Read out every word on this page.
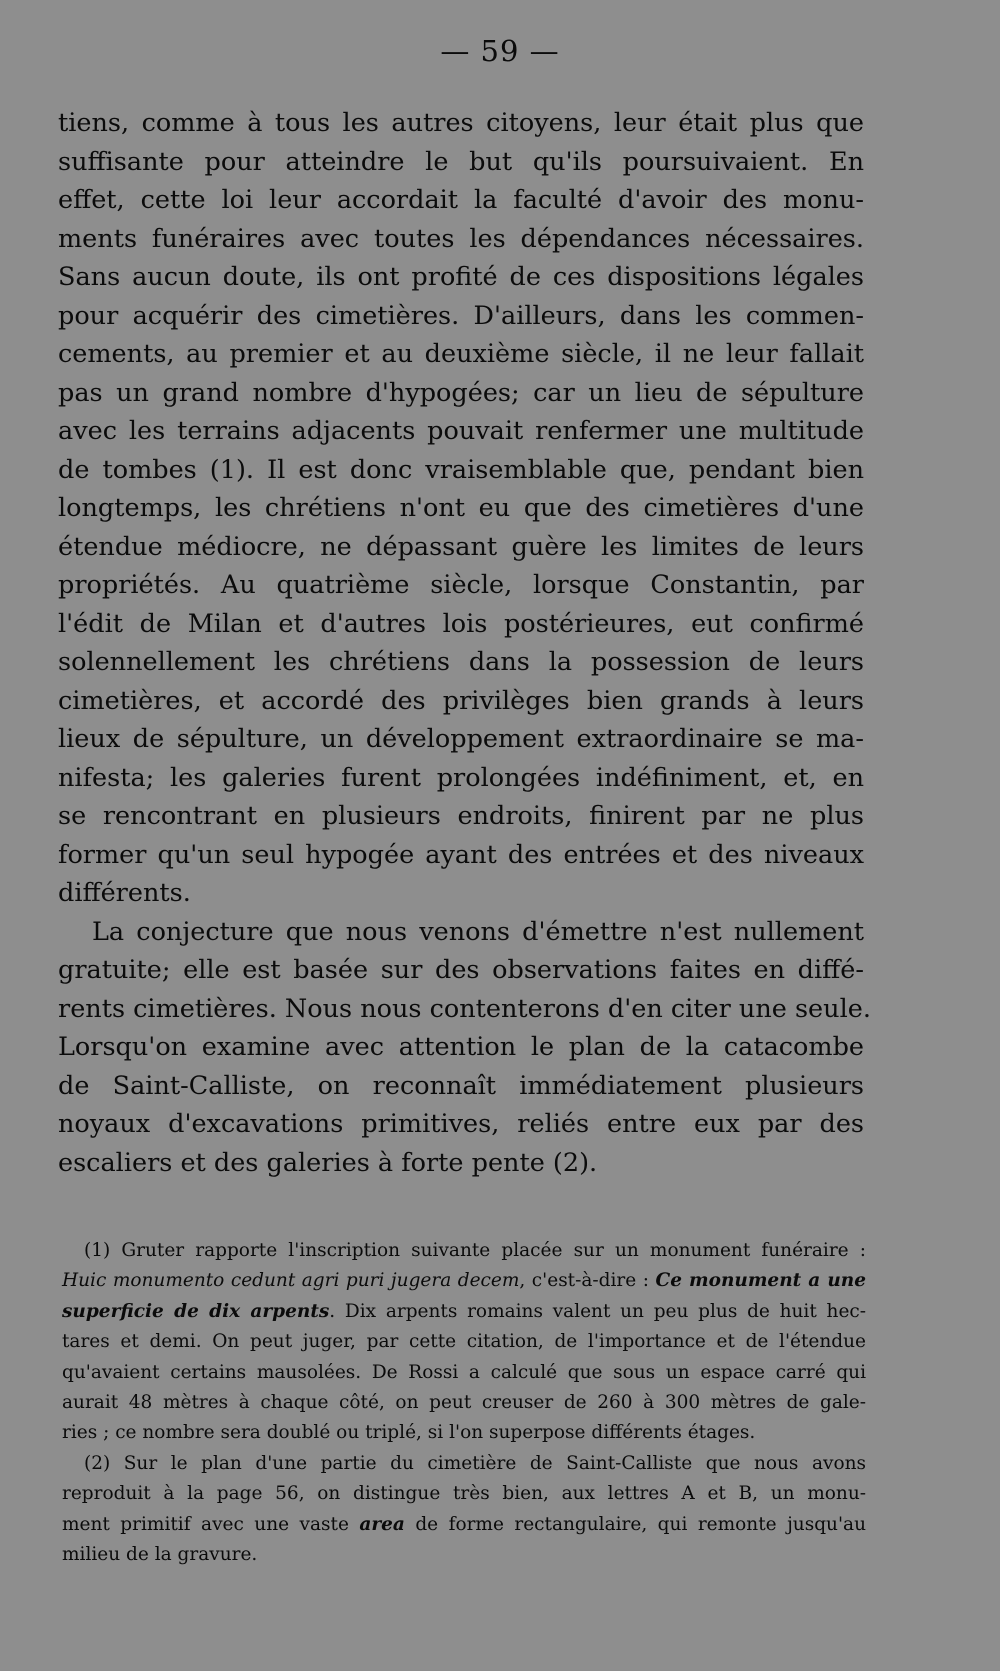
— 59 —
tiens, comme à tous les autres citoyens, leur était plus que
suffisante pour atteindre le but qu'ils poursuivaient. En
effet, cette loi leur accordait la faculté d'avoir des monu-
ments funéraires avec toutes les dépendances nécessaires.
Sans aucun doute, ils ont profité de ces dispositions légales
pour acquérir des cimetières. D'ailleurs, dans les commen-
cements, au premier et au deuxième siècle, il ne leur fallait
pas un grand nombre d'hypogées; car un lieu de sépulture
avec les terrains adjacents pouvait renfermer une multitude
de tombes (1). Il est donc vraisemblable que, pendant bien
longtemps, les chrétiens n'ont eu que des cimetières d'une
étendue médiocre, ne dépassant guère les limites de leurs
propriétés. Au quatrième siècle, lorsque Constantin, par
l'édit de Milan et d'autres lois postérieures, eut confirmé
solennellement les chrétiens dans la possession de leurs
cimetières, et accordé des privilèges bien grands à leurs
lieux de sépulture, un développement extraordinaire se ma-
nifesta; les galeries furent prolongées indéfiniment, et, en
se rencontrant en plusieurs endroits, finirent par ne plus
former qu'un seul hypogée ayant des entrées et des niveaux
différents.
La conjecture que nous venons d'émettre n'est nullement
gratuite; elle est basée sur des observations faites en diffé-
rents cimetières. Nous nous contenterons d'en citer une seule.
Lorsqu'on examine avec attention le plan de la catacombe
de Saint-Calliste, on reconnaît immédiatement plusieurs
noyaux d'excavations primitives, reliés entre eux par des
escaliers et des galeries à forte pente (2).
(1) Gruter rapporte l'inscription suivante placée sur un monument funéraire :
Huic monumento cedunt agri puri jugera decem, c'est-à-dire : Ce monument a une
superficie de dix arpents. Dix arpents romains valent un peu plus de huit hec-
tares et demi. On peut juger, par cette citation, de l'importance et de l'étendue
qu'avaient certains mausolées. De Rossi a calculé que sous un espace carré qui
aurait 48 mètres à chaque côté, on peut creuser de 260 à 300 mètres de gale-
ries ; ce nombre sera doublé ou triplé, si l'on superpose différents étages.
(2) Sur le plan d'une partie du cimetière de Saint-Calliste que nous avons
reproduit à la page 56, on distingue très bien, aux lettres A et B, un monu-
ment primitif avec une vaste area de forme rectangulaire, qui remonte jusqu'au
milieu de la gravure.
